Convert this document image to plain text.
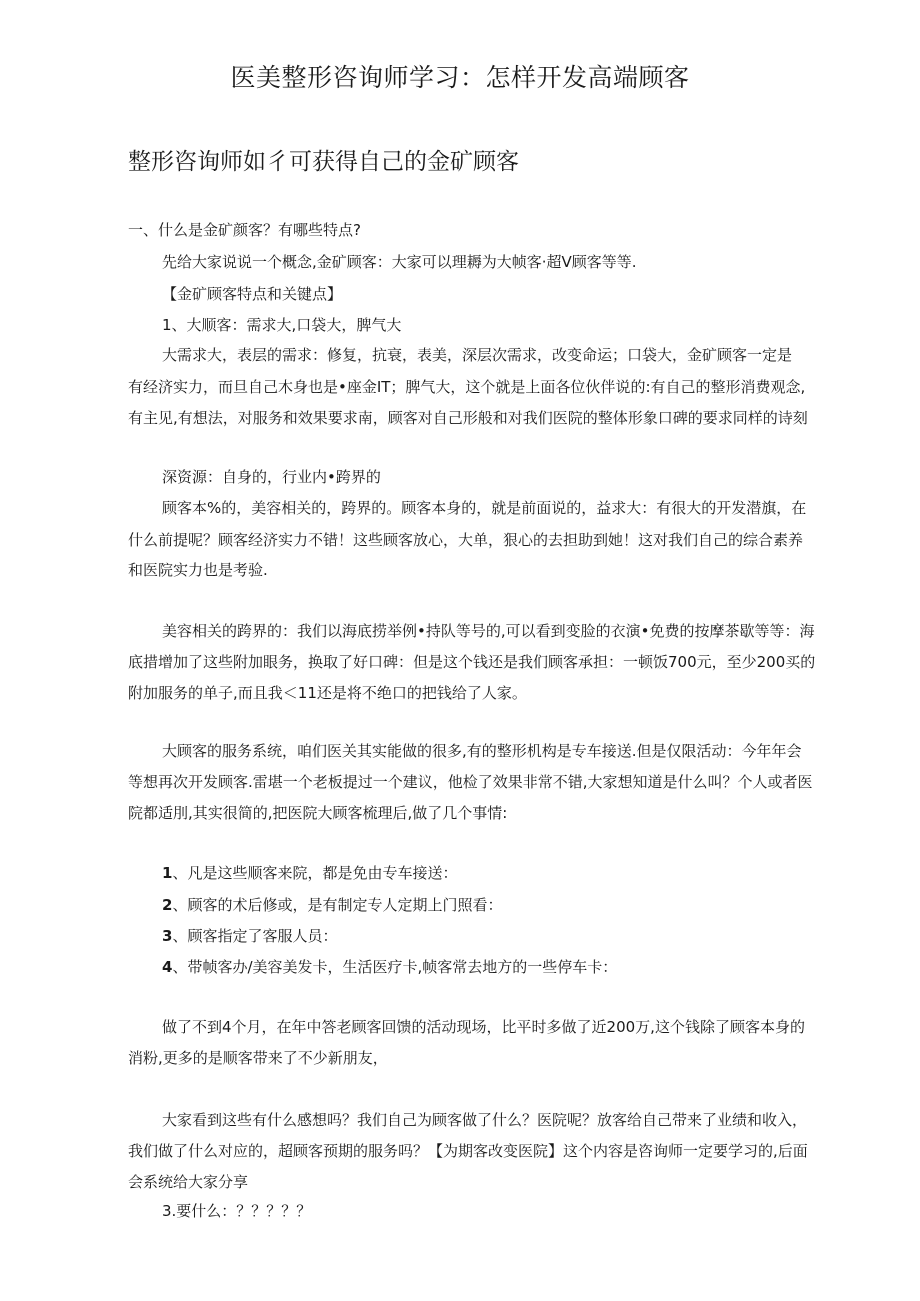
医美整形咨询师学习：怎样开发高端顾客
整形咨询师如彳可获得自己的金矿顾客
一、什么是金矿颜客？有哪些特点?
先给大家说说一个概念,金矿顾客：大家可以理耨为大帧客·超V顾客等等.
【金矿顾客特点和关键点】
1、大顺客：需求大,口袋大，脾气大
大需求大，表层的需求：修复，抗衰，表美，深层次需求，改变命运；口袋大，金矿顾客一定是
有经济实力，而旦自己木身也是•座金IT；脾气大，这个就是上面各位伙伴说的:有自己的整形消费观念,
有主见,有想法，对服务和效果要求南，顾客对自己形般和对我们医院的整体形象口碑的要求同样的诗刻
深资源：自身的，行业内•跨界的
顾客本%的，美容相关的，跨界的。顾客本身的，就是前面说的，益求大：有很大的开发潜旗，在
什么前提呢？顾客经济实力不错！这些顾客放心，大单，狠心的去担助到她！这对我们自己的综合素养
和医院实力也是考验.
美容相关的跨界的：我们以海底捞举例•持队等号的,可以看到变脸的衣演•免费的按摩茶歇等等：海
底措增加了这些附加眼务，换取了好口碑：但是这个钱还是我们顾客承担：一顿饭700元，至少200买的
附加服务的单子,而且我＜11还是将不绝口的把钱给了人家。
大顾客的服务系统，咱们医关其实能做的很多,有的整形机构是专车接送.但是仅限活动：今年年会
等想再次开发顾客.雷堪一个老板提过一个建议，他检了效果非常不错,大家想知道是什么叫？个人或者医
院都适刖,其实很简的,把医院大顾客梳理后,做了几个事情:
1、凡是这些顺客来院，都是免由专车接送：
2、顾客的术后修或，是有制定专人定期上门照看：
3、顾客指定了客服人员：
4、带帧客办/美容美发卡，生活医疗卡,帧客常去地方的一些停车卡：
做了不到4个月，在年中答老顾客回馈的活动现场，比平时多做了近200万,这个钱除了顾客本身的
消粉,更多的是顺客带来了不少新朋友，
大家看到这些有什么感想吗？我们自己为顾客做了什么？医院呢？放客给自己带来了业绩和收入，
我们做了什么对应的，超顾客预期的服务吗？【为期客改变医院】这个内容是咨询师一定要学习的,后面
会系统给大家分享
3.要什么：？？？？？
